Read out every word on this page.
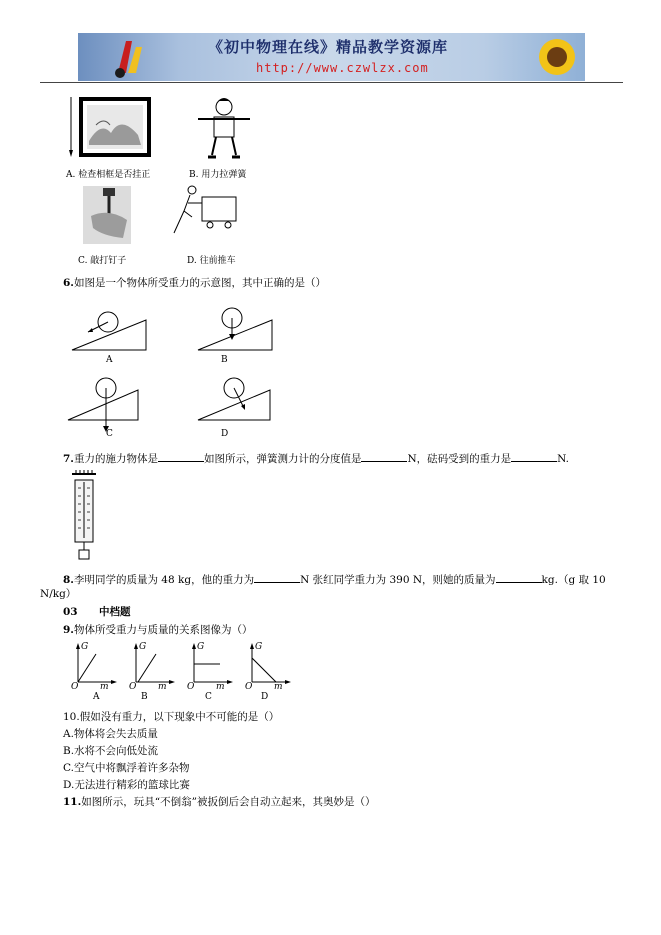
《初中物理在线》精品教学资源库
http://www.czwlzx.com
A. 检查相框是否挂正	B. 用力拉弹簧
C. 敲打钉子	D. 往前推车
6.如图是一个物体所受重力的示意图，其中正确的是（）
A	B
C	D
7.重力的施力物体是	如图所示，弹簧测力计的分度值是	N，砝码受到的重力是	N.
8.李明同学的质量为 48 kg，他的重力为	N 张红同学重力为 390 N，则她的质量为	kg.（g 取 10
N/kg）
03 中档题
9.物体所受重力与质量的关系图像为（）
G
O m
A
G
O m
B
G
O m
C
G
O m
D
10.假如没有重力，以下现象中不可能的是（）
A.物体将会失去质量
B.水将不会向低处流
C.空气中将飘浮着许多杂物
D.无法进行精彩的篮球比赛
11.如图所示，玩具“不倒翁”被扳倒后会自动立起来，其奥妙是（）
